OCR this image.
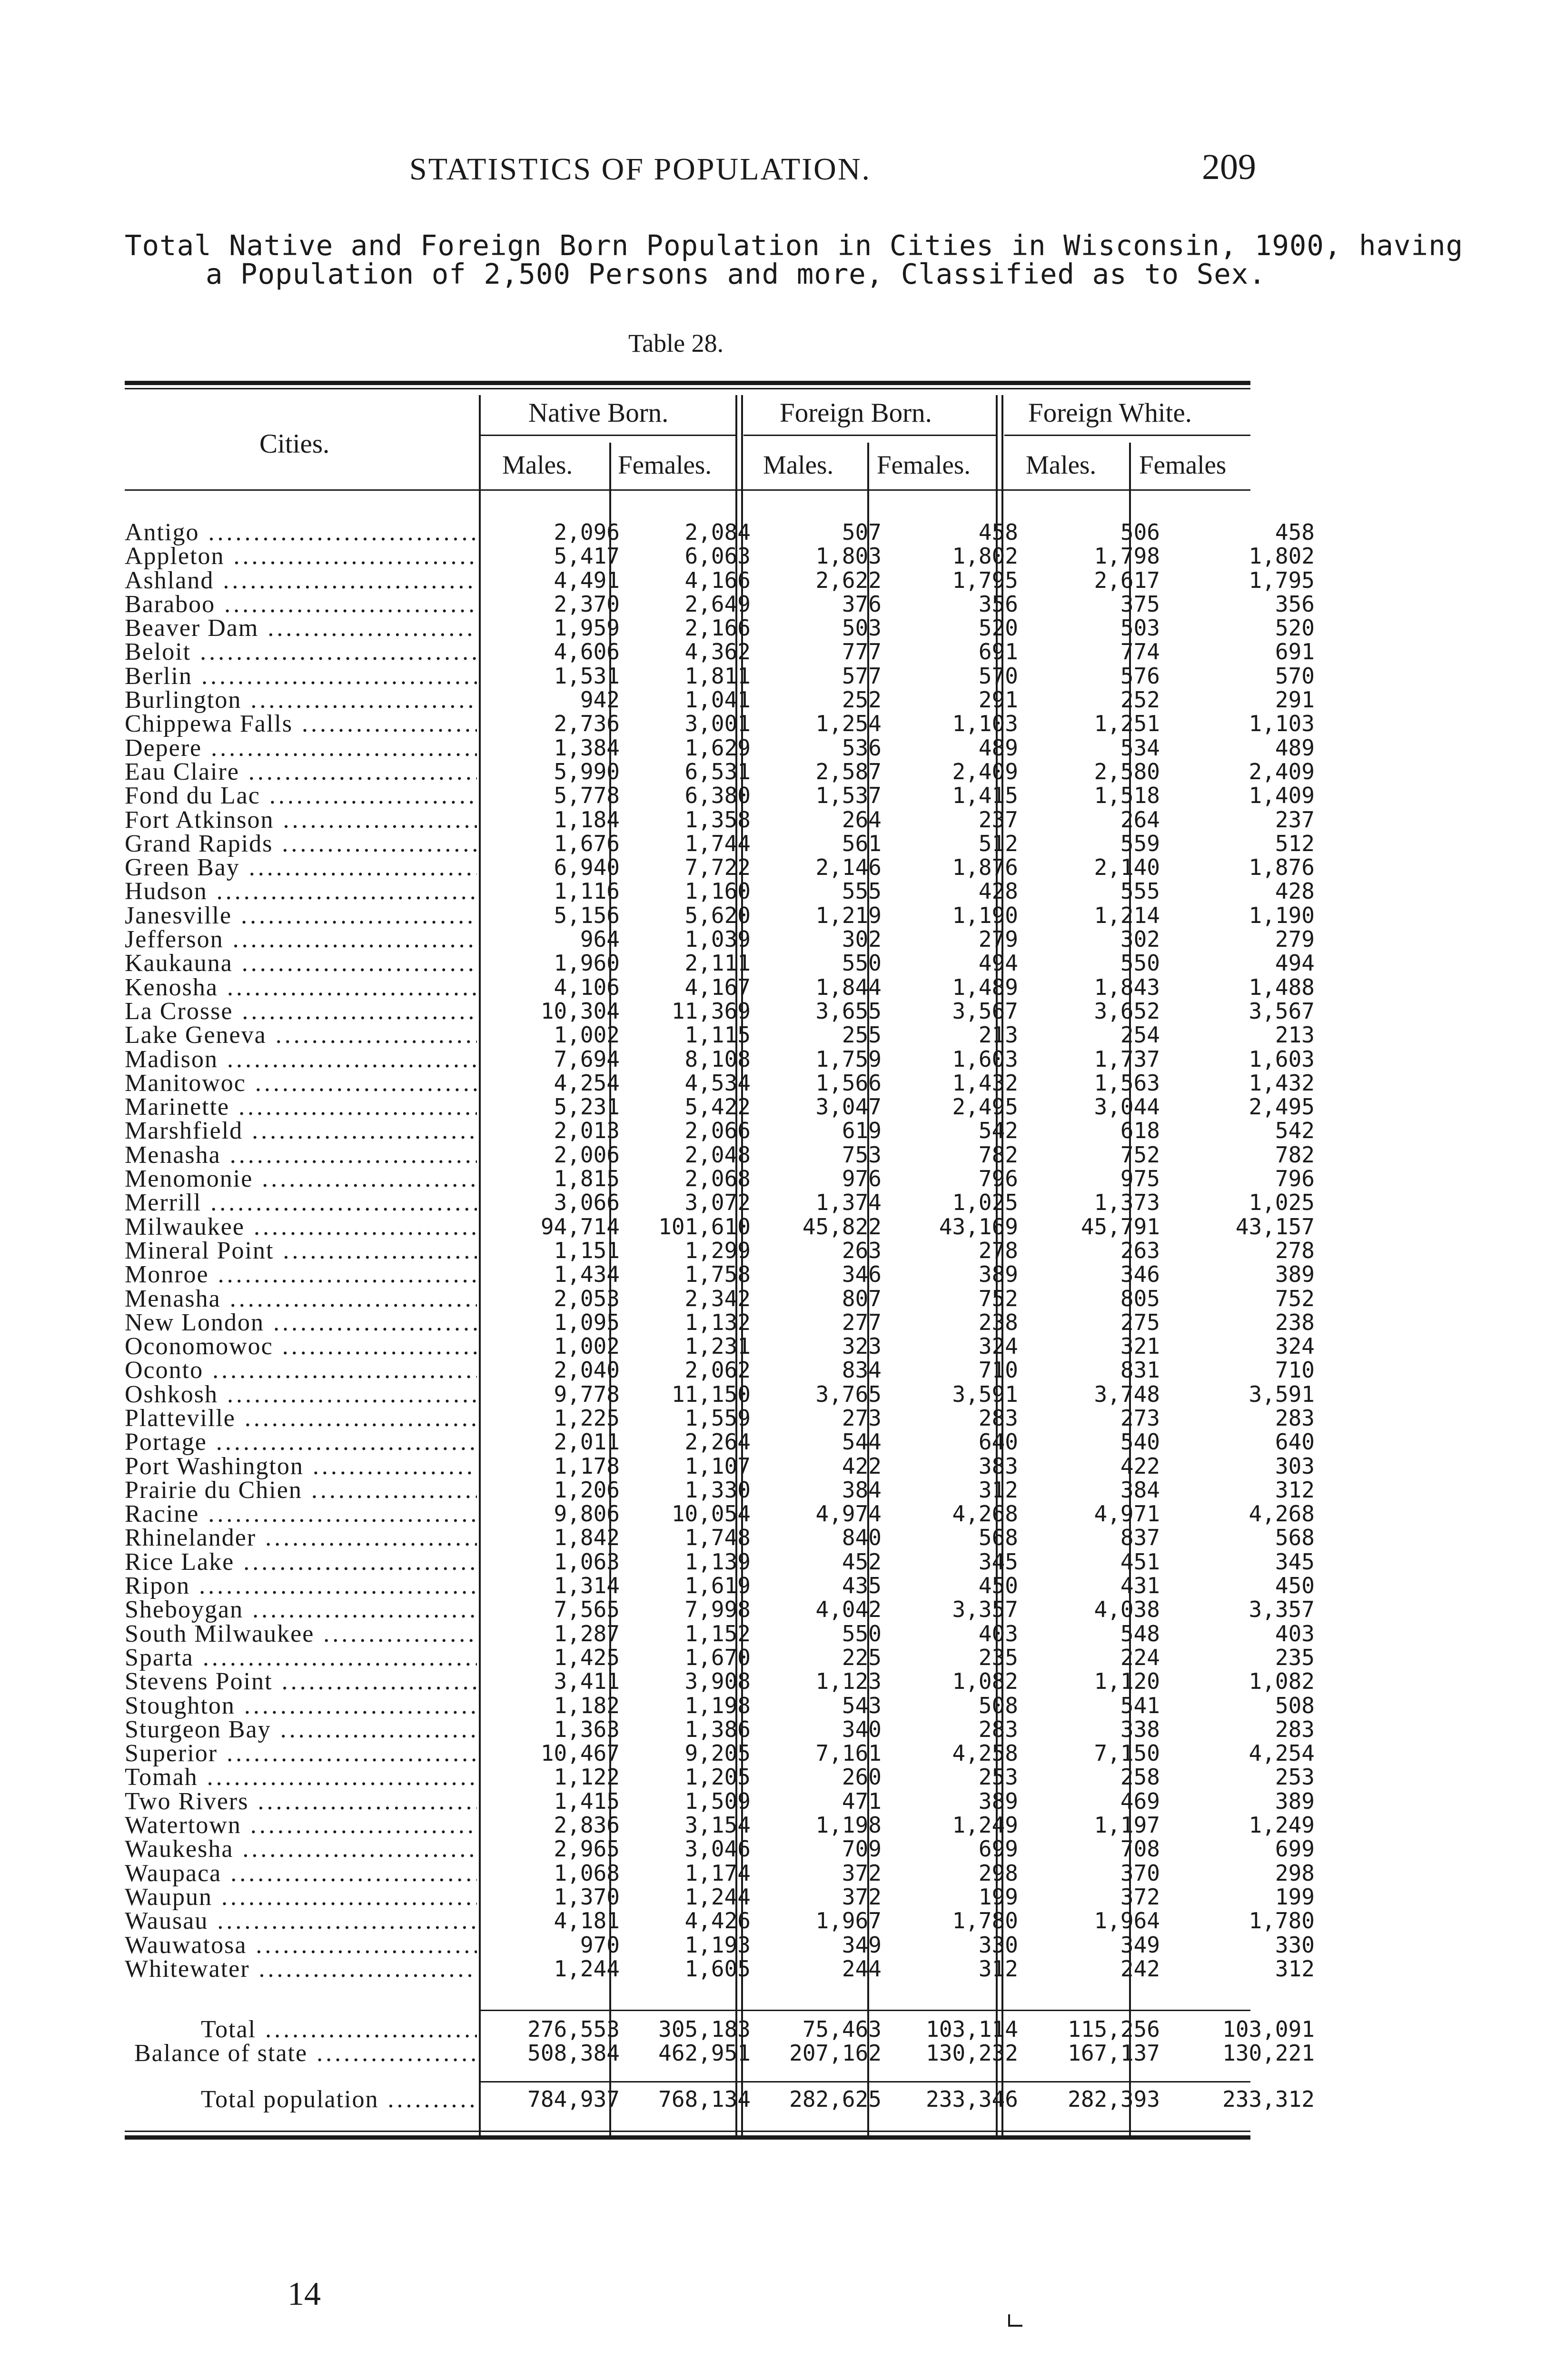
STATISTICS OF POPULATION.	209
Total Native and Foreign Born Population in Cities in Wisconsin, 1900, having
a Population of 2,500 Persons and more, Classified as to Sex.
Table 28.
Cities.
Native Born.	Foreign Born.	Foreign White.
Males. Females. Males. Females. Males. Females
Antigo .....	2,096	2,084	507	458	506	458
Appleton .....	5,417	6,063	1,803	1,802	1,798	1,802
Ashland .....	4,491	4,166	2,622	1,795	2,617	1,795
Baraboo .....	2,370	2,649	376	356	375	356
Beaver Dam .....	1,959	2,166	503	520	503	520
Beloit .....	4,606	4,362	777	691	774	691
Berlin .....	1,531	1,811	577	570	576	570
Burlington .....	942	1,041	252	291	252	291
Chippewa Falls .....	2,736	3,001	1,254	1,103	1,251	1,103
Depere .....	1,384	1,629	536	489	534	489
Eau Claire .....	5,990	6,531	2,587	2,409	2,580	2,409
Fond du Lac .....	5,778	6,380	1,537	1,415	1,518	1,409
Fort Atkinson .....	1,184	1,358	264	237	264	237
Grand Rapids .....	1,676	1,744	561	512	559	512
Green Bay .....	6,940	7,722	2,146	1,876	2,140	1,876
Hudson .....	1,116	1,160	555	428	555	428
Janesville .....	5,156	5,620	1,219	1,190	1,214	1,190
Jefferson .....	964	1,039	302	279	302	279
Kaukauna .....	1,960	2,111	550	494	550	494
Kenosha .....	4,106	4,167	1,844	1,489	1,843	1,488
La Crosse .....	10,304	11,369	3,655	3,567	3,652	3,567
Lake Geneva .....	1,002	1,115	255	213	254	213
Madison .....	7,694	8,108	1,759	1,603	1,737	1,603
Manitowoc .....	4,254	4,534	1,566	1,432	1,563	1,432
Marinette .....	5,231	5,422	3,047	2,495	3,044	2,495
Marshfield .....	2,013	2,066	619	542	618	542
Menasha .....	2,006	2,048	753	782	752	782
Menomonie .....	1,815	2,068	976	796	975	796
Merrill .....	3,066	3,072	1,374	1,025	1,373	1,025
Milwaukee .....	94,714	101,610	45,822	43,169	45,791	43,157
Mineral Point .....	1,151	1,299	263	278	263	278
Monroe .....	1,434	1,758	346	389	346	389
Menasha .....	2,053	2,342	807	752	805	752
New London .....	1,095	1,132	277	238	275	238
Oconomowoc .....	1,002	1,231	323	324	321	324
Oconto .....	2,040	2,062	834	710	831	710
Oshkosh .....	9,778	11,150	3,765	3,591	3,748	3,591
Platteville .....	1,225	1,559	273	283	273	283
Portage .....	2,011	2,264	544	640	540	640
Port Washington .....	1,178	1,107	422	383	422	303
Prairie du Chien .....	1,206	1,330	384	312	384	312
Racine .....	9,806	10,054	4,974	4,268	4,971	4,268
Rhinelander .....	1,842	1,748	840	568	837	568
Rice Lake .....	1,063	1,139	452	345	451	345
Ripon .....	1,314	1,619	435	450	431	450
Sheboygan .....	7,565	7,998	4,042	3,357	4,038	3,357
South Milwaukee .....	1,287	1,152	550	403	548	403
Sparta .....	1,425	1,670	225	235	224	235
Stevens Point .....	3,411	3,908	1,123	1,082	1,120	1,082
Stoughton .....	1,182	1,198	543	508	541	508
Sturgeon Bay .....	1,363	1,386	340	283	338	283
Superior .....	10,467	9,205	7,161	4,258	7,150	4,254
Tomah .....	1,122	1,205	260	253	258	253
Two Rivers .....	1,415	1,509	471	389	469	389
Watertown .....	2,836	3,154	1,198	1,249	1,197	1,249
Waukesha .....	2,965	3,046	709	699	708	699
Waupaca .....	1,068	1,174	372	298	370	298
Waupun .....	1,370	1,244	372	199	372	199
Wausau .....	4,181	4,426	1,967	1,780	1,964	1,780
Wauwatosa .....	970	1,193	349	330	349	330
Whitewater .....	1,244	1,605	244	312	242	312
Total .....	276,553	305,183	75,463	103,114	115,256	103,091
Balance of state .....	508,384	462,951	207,162	130,232	167,137	130,221
Total population .....	784,937	768,134	282,625	233,346	282,393	233,312
14
